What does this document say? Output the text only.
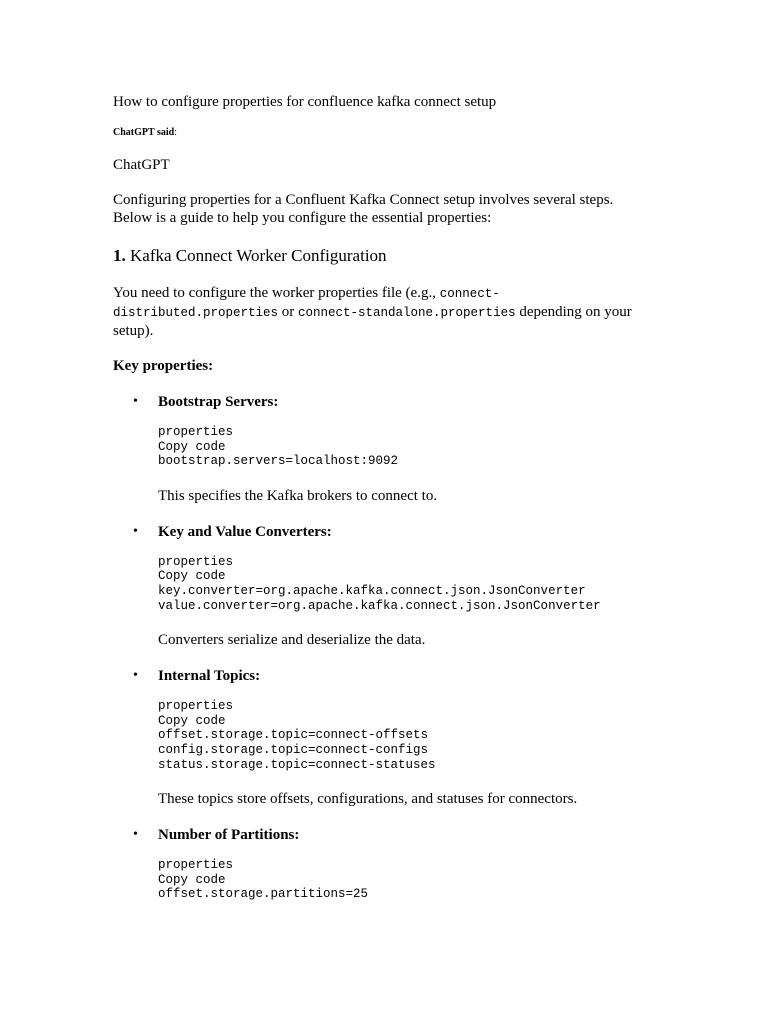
How to configure properties for confluence kafka connect setup

ChatGPT said:

ChatGPT

Configuring properties for a Confluent Kafka Connect setup involves several steps. Below is a guide to help you configure the essential properties:

1. Kafka Connect Worker Configuration

You need to configure the worker properties file (e.g., connect-distributed.properties or connect-standalone.properties depending on your setup).

Key properties:

• Bootstrap Servers:

properties
Copy code
bootstrap.servers=localhost:9092

This specifies the Kafka brokers to connect to.

• Key and Value Converters:

properties
Copy code
key.converter=org.apache.kafka.connect.json.JsonConverter
value.converter=org.apache.kafka.connect.json.JsonConverter

Converters serialize and deserialize the data.

• Internal Topics:

properties
Copy code
offset.storage.topic=connect-offsets
config.storage.topic=connect-configs
status.storage.topic=connect-statuses

These topics store offsets, configurations, and statuses for connectors.

• Number of Partitions:

properties
Copy code
offset.storage.partitions=25
